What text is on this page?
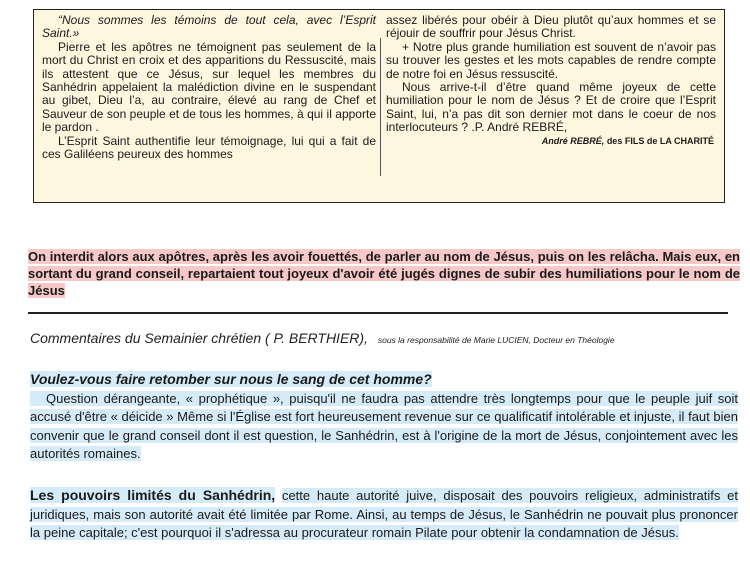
“Nous sommes les témoins de tout cela, avec l’Esprit Saint.»

Pierre et les apôtres ne témoignent pas seulement de la mort du Christ en croix et des apparitions du Ressuscité, mais ils attestent que ce Jésus, sur lequel les membres du Sanhédrin appelaient la malédiction divine en le suspendant au gibet, Dieu l’a, au contraire, élevé au rang de Chef et Sauveur de son peuple et de tous les hommes, à qui il apporte le pardon .

L’Esprit Saint authentifie leur témoignage, lui qui a fait de ces Galiléens peureux des hommes

assez libérés pour obéir à Dieu plutôt qu’aux hommes et se réjouir de souffrir pour Jésus Christ.

+ Notre plus grande humiliation est souvent de n’avoir pas su trouver les gestes et les mots capables de rendre compte de notre foi en Jésus ressuscité.

Nous arrive-t-il d’être quand même joyeux de cette humiliation pour le nom de Jésus ? Et de croire que l’Esprit Saint, lui, n’a pas dit son dernier mot dans le coeur de nos interlocuteurs ? .P. André REBRÉ,

André REBRÉ, des FILS de LA CHARITÉ

On interdit alors aux apôtres, après les avoir fouettés, de parler au nom de Jésus, puis on les relâcha. Mais eux, en sortant du grand conseil, repartaient tout joyeux d'avoir été jugés dignes de subir des humiliations pour le nom de Jésus
Commentaires du Semainier chrétien ( P. BERTHIER), sous la responsabilité de Marie LUCIEN, Docteur en Théologie
Voulez-vous faire retomber sur nous le sang de cet homme?
Question dérangeante, « prophétique », puisqu'il ne faudra pas attendre très longtemps pour que le peuple juif soit accusé d'être « déicide » Même si l'Église est fort heureusement revenue sur ce qualificatif intolérable et injuste, il faut bien convenir que le grand conseil dont il est question, le Sanhédrin, est à l'origine de la mort de Jésus, conjointement avec les autorités romaines.
Les pouvoirs limités du Sanhédrin, cette haute autorité juive, disposait des pouvoirs religieux, administratifs et juridiques, mais son autorité avait été limitée par Rome. Ainsi, au temps de Jésus, le Sanhédrin ne pouvait plus prononcer la peine capitale; c'est pourquoi il s'adressa au procurateur romain Pilate pour obtenir la condamnation de Jésus.
